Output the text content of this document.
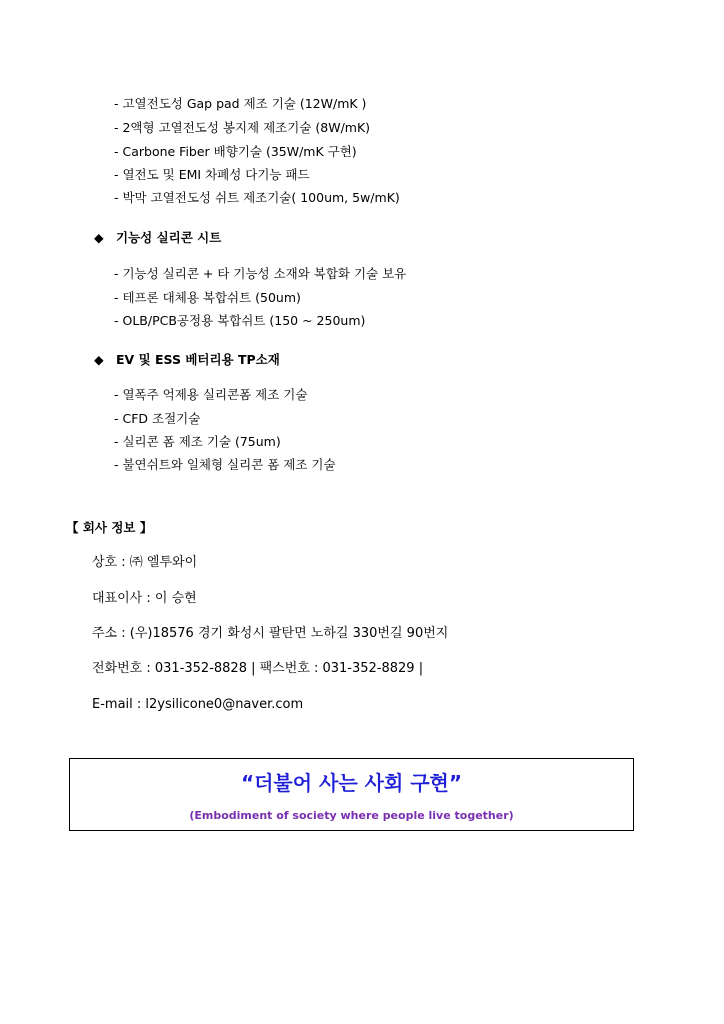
- 고열전도성 Gap pad 제조 기술 (12W/mK )
- 2액형 고열전도성 봉지제 제조기술 (8W/mK)
- Carbone Fiber 배향기술 (35W/mK 구현)
- 열전도 및 EMI 차폐성 다기능 패드
- 박막 고열전도성 쉬트 제조기술( 100um, 5w/mK)
◆ 기능성 실리콘 시트
- 기능성 실리콘 + 타 기능성 소재와 복합화 기술 보유
- 테프론 대체용 복합쉬트 (50um)
- OLB/PCB공정용 복합쉬트 (150 ~ 250um)
◆ EV 및 ESS 베터리용 TP소재
- 열폭주 억제용 실리콘폼 제조 기술
- CFD 조절기술
- 실리콘 폼 제조 기술 (75um)
- 불연쉬트와 일체형 실리콘 폼 제조 기술
【 회사 정보 】
상호 : ㈜ 엘투와이
대표이사 : 이 승현
주소 : (우)18576 경기 화성시 팔탄면 노하길 330번길 90번지
전화번호 : 031-352-8828 | 팩스번호 : 031-352-8829 |
E-mail : l2ysilicone0@naver.com
“더불어 사는 사회 구현”
(Embodiment of society where people live together)
